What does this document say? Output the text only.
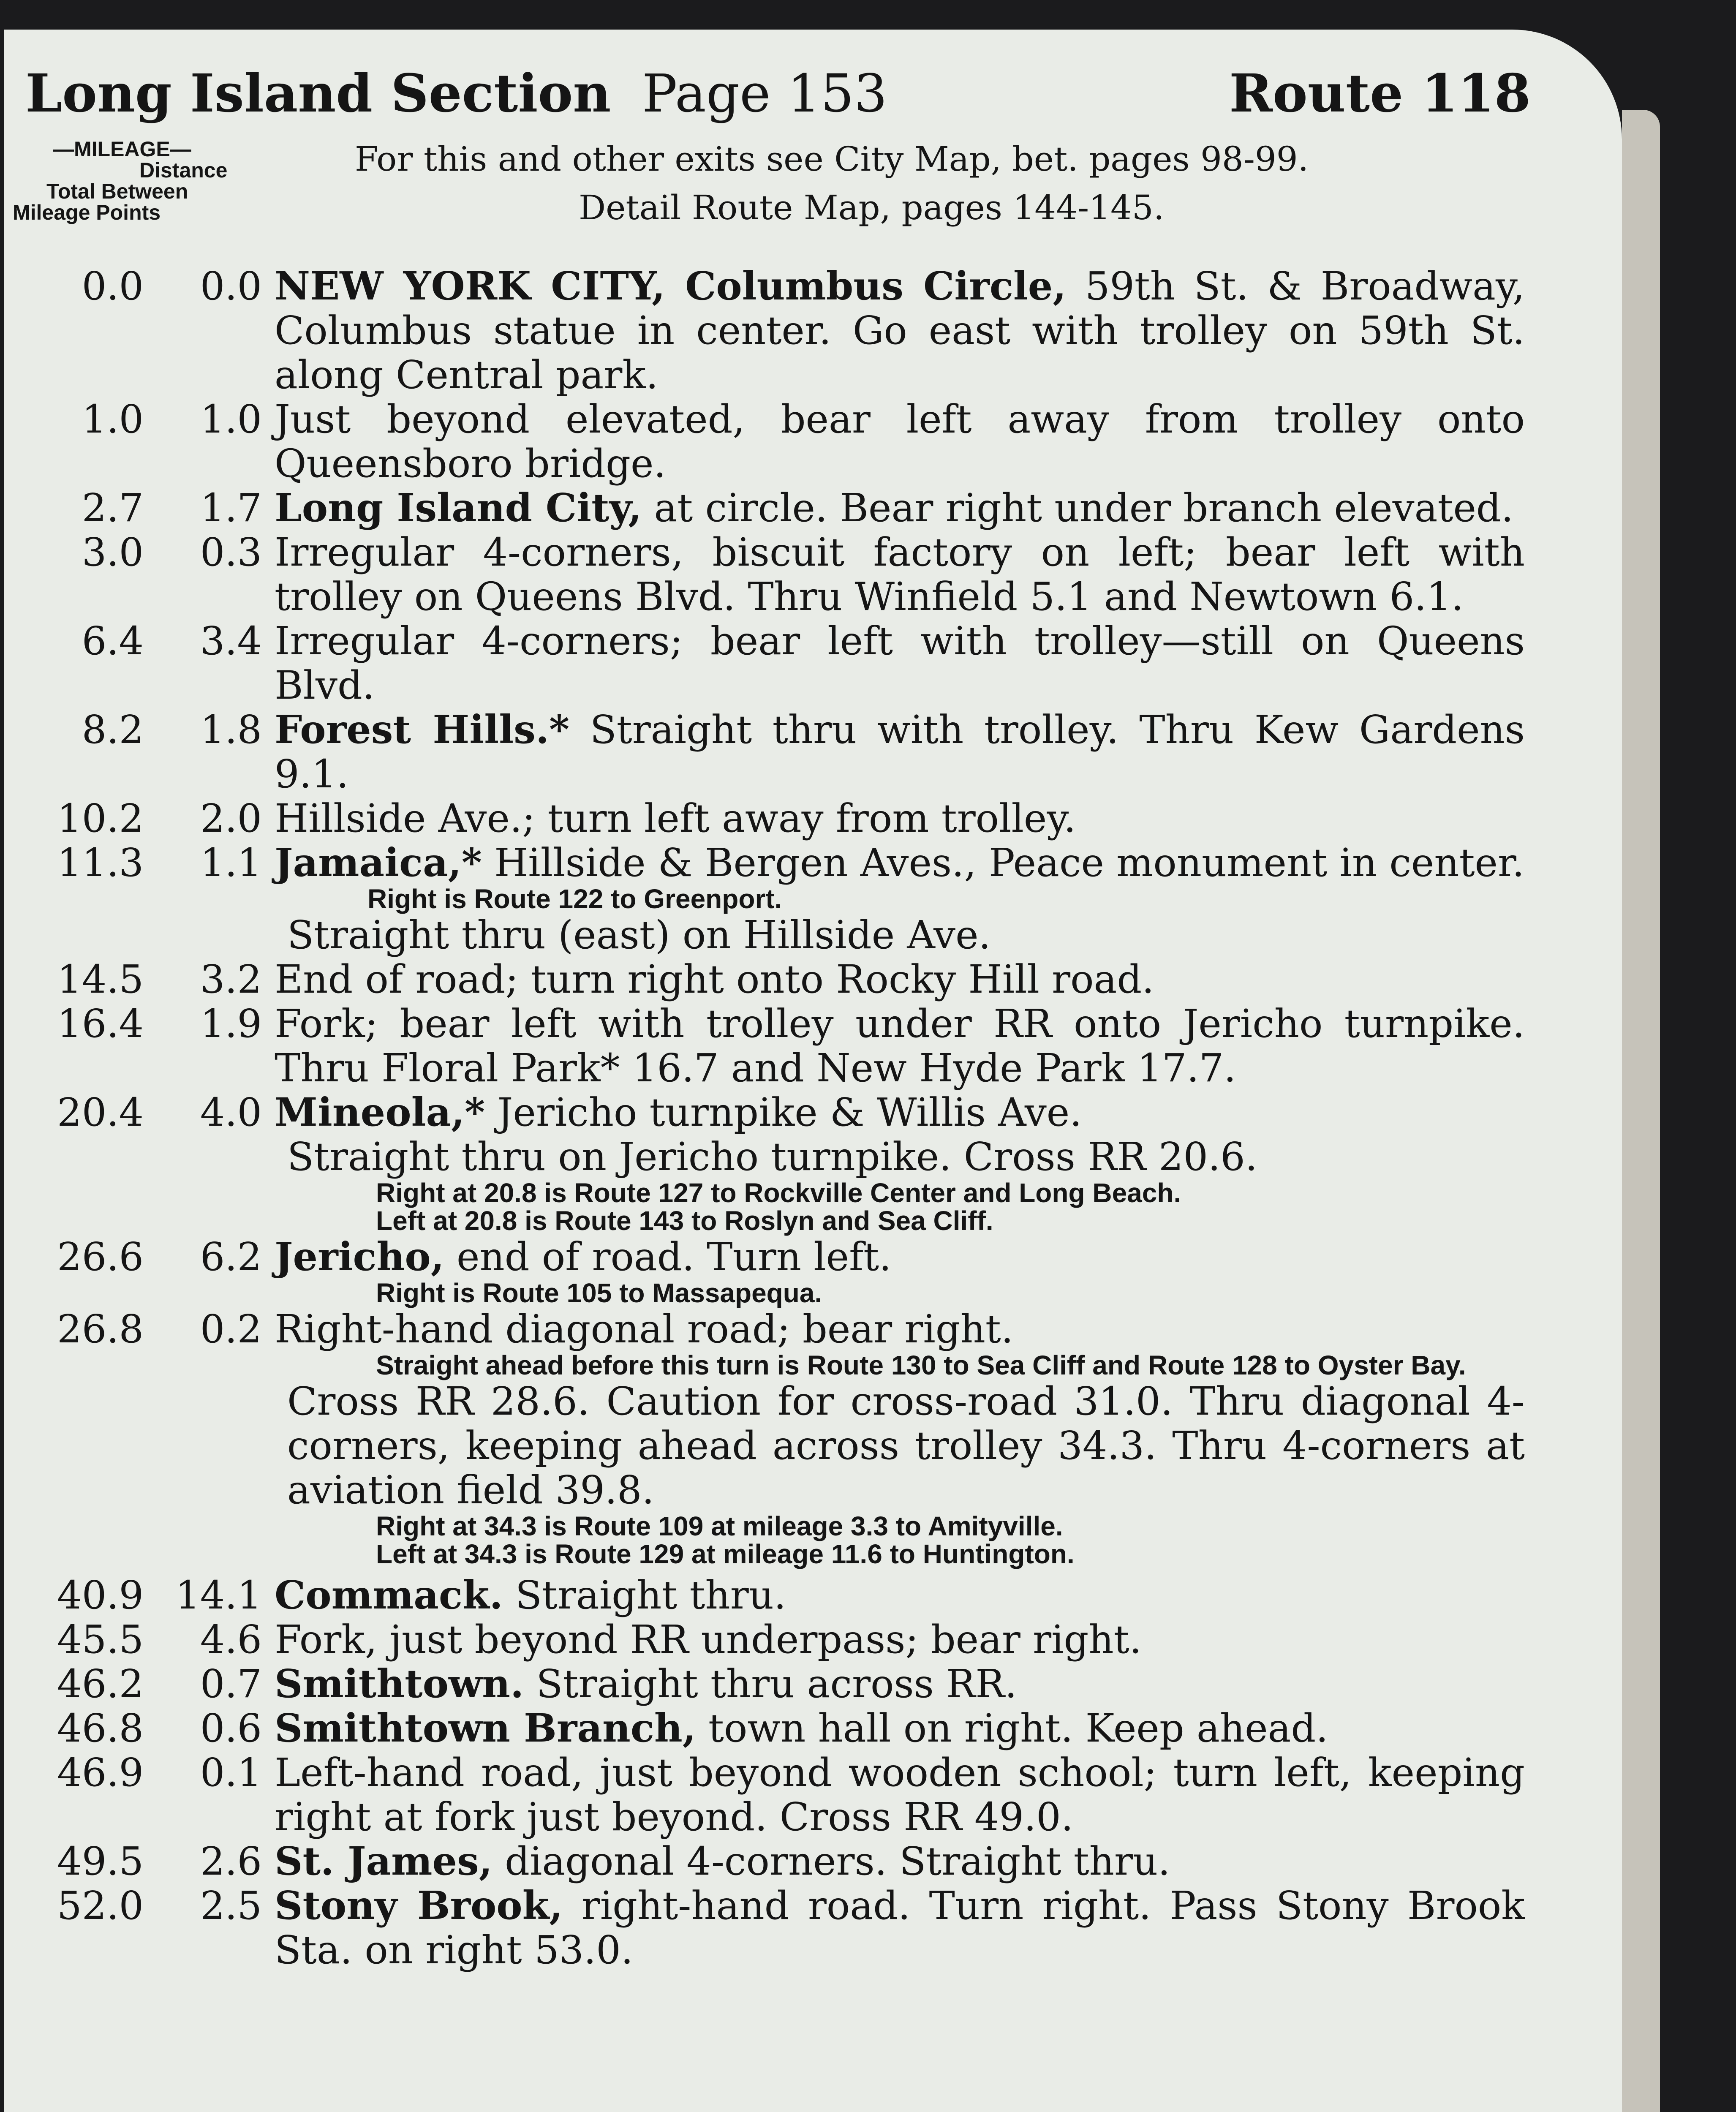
Long Island Section Page 153	Route 118
—MILEAGE—
Distance
Total Between
Mileage Points
For this and other exits see City Map, bet. pages 98-99.
Detail Route Map, pages 144-145.
0.0	0.0 NEW YORK CITY, Columbus Circle, 59th St. & Broadway, Columbus statue in center. Go east with trolley on 59th St. along Central park.
1.0	1.0 Just beyond elevated, bear left away from trolley onto Queensboro bridge.
2.7	1.7 Long Island City, at circle. Bear right under branch elevated.
3.0	0.3 Irregular 4-corners, biscuit factory on left; bear left with trolley on Queens Blvd. Thru Winfield 5.1 and Newtown 6.1.
6.4	3.4 Irregular 4-corners; bear left with trolley—still on Queens Blvd.
8.2	1.8 Forest Hills.* Straight thru with trolley. Thru Kew Gardens 9.1.
10.2	2.0 Hillside Ave.; turn left away from trolley.
11.3	1.1 Jamaica,* Hillside & Bergen Aves., Peace monument in center.
Right is Route 122 to Greenport.
Straight thru (east) on Hillside Ave.
14.5	3.2 End of road; turn right onto Rocky Hill road.
16.4	1.9 Fork; bear left with trolley under RR onto Jericho turnpike. Thru Floral Park* 16.7 and New Hyde Park 17.7.
20.4	4.0 Mineola,* Jericho turnpike & Willis Ave.
Straight thru on Jericho turnpike. Cross RR 20.6.
Right at 20.8 is Route 127 to Rockville Center and Long Beach.
Left at 20.8 is Route 143 to Roslyn and Sea Cliff.
26.6	6.2 Jericho, end of road. Turn left.
Right is Route 105 to Massapequa.
26.8	0.2 Right-hand diagonal road; bear right.
Straight ahead before this turn is Route 130 to Sea Cliff and Route 128 to Oyster Bay.
Cross RR 28.6. Caution for cross-road 31.0. Thru diagonal 4-corners, keeping ahead across trolley 34.3. Thru 4-corners at aviation field 39.8.
Right at 34.3 is Route 109 at mileage 3.3 to Amityville.
Left at 34.3 is Route 129 at mileage 11.6 to Huntington.
40.9 14.1 Commack. Straight thru.
45.5	4.6 Fork, just beyond RR underpass; bear right.
46.2	0.7 Smithtown. Straight thru across RR.
46.8	0.6 Smithtown Branch, town hall on right. Keep ahead.
46.9	0.1 Left-hand road, just beyond wooden school; turn left, keeping right at fork just beyond. Cross RR 49.0.
49.5	2.6 St. James, diagonal 4-corners. Straight thru.
52.0	2.5 Stony Brook, right-hand road. Turn right. Pass Stony Brook Sta. on right 53.0.
